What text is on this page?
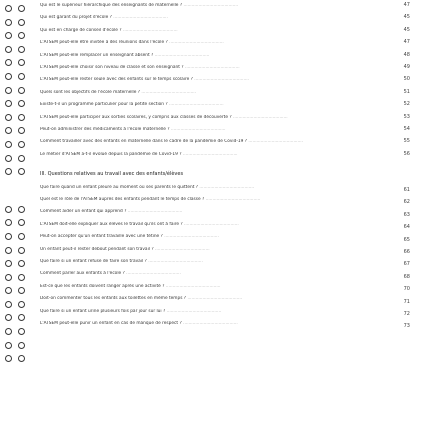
Qui est le supérieur hiérarchique des enseignants de maternelle ? ........................................
Qui est garant du projet d'école ? ........................................
Qui est en charge de conseil d'école ? ........................................
L'ATSEM peut-elle être invitée à des réunions dans l'école ? ........................................
L'ATSEM peut-elle remplacer un enseignant absent ? ........................................
L'ATSEM peut-elle choisir son niveau de classe et son enseignant ? ........................................
L'ATSEM peut-elle rester seule avec des enfants sur le temps scolaire ? ........................................
Quels sont les objectifs de l'école maternelle ? ........................................
Existe-t-il un programme particulier pour la petite section ? ........................................
L'ATSEM peut-elle participer aux sorties scolaires, y compris aux classes de découverte ? ........................................
Peut-on administrer des médicaments à l'école maternelle ? ........................................
Comment travailler avec des enfants en maternelle dans le cadre de la pandémie de Covid-19 ? ........................................
Le métier d'ATSEM a-t-il évolué depuis la pandémie de Covid-19 ? ........................................
III. Questions relatives au travail avec des enfants/élèves
Que faire quand un enfant pleure au moment où ses parents le quittent ? ........................................
Quel est le rôle de l'ATSEM auprès des enfants pendant le temps de classe ? ........................................
Comment aider un enfant qui apprend ? ........................................
L'ATSEM doit-elle expliquer aux élèves le travail qu'ils ont à faire ? ........................................
Peut-on accepter qu'un enfant travaille avec une tétine ? ........................................
Un enfant peut-il rester debout pendant son travail ? ........................................
Que faire si un enfant refuse de faire son travail ? ........................................
Comment parler aux enfants à l'école ? ........................................
Est-ce que les enfants doivent ranger après une activité ? ........................................
Doit-on commenter tous les enfants aux toilettes en même temps ? ........................................
Que faire si un enfant urine plusieurs fois par jour sur lui ? ........................................
L'ATSEM peut-elle punir un enfant en cas de manque de respect ? ........................................
47
45
45
47
48
49
50
51
52
53
54
55
56
61
62
63
64
65
66
67
68
70
71
72
73
